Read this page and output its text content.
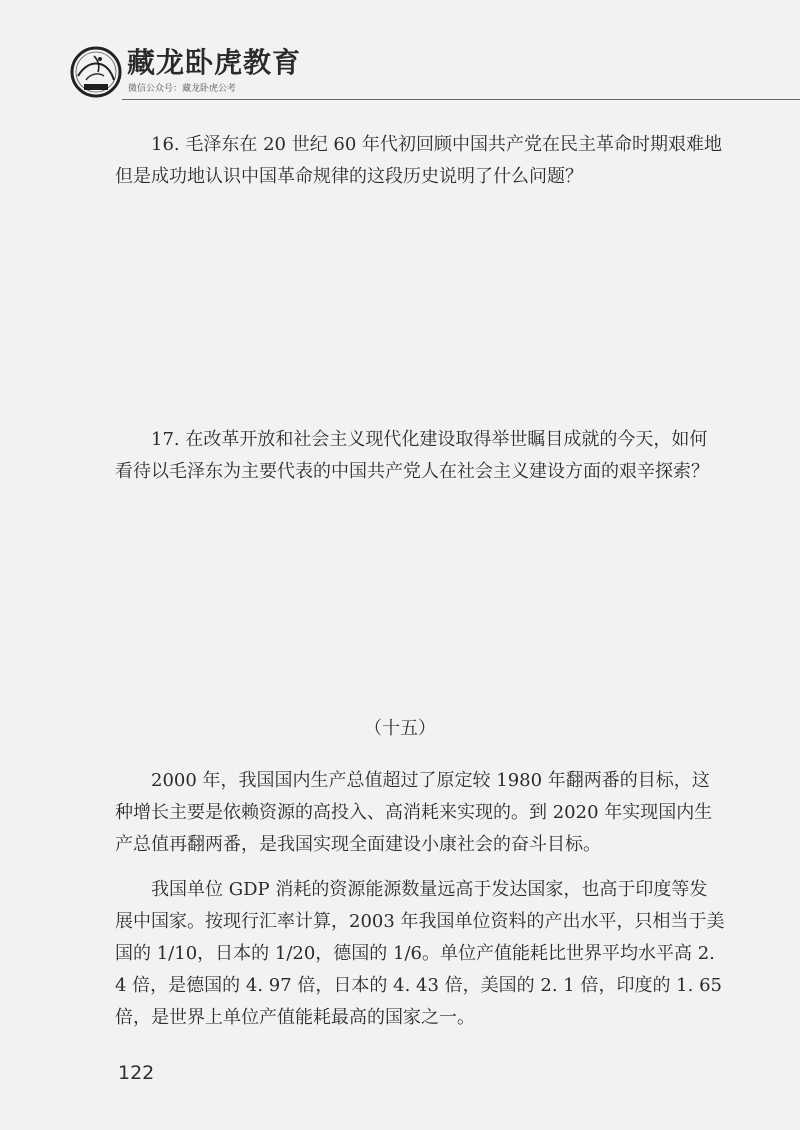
藏龙卧虎教育
微信公众号：藏龙卧虎公考

16. 毛泽东在 20 世纪 60 年代初回顾中国共产党在民主革命时期艰难地但是成功地认识中国革命规律的这段历史说明了什么问题？

17. 在改革开放和社会主义现代化建设取得举世瞩目成就的今天，如何看待以毛泽东为主要代表的中国共产党人在社会主义建设方面的艰辛探索？

（十五）

2000 年，我国国内生产总值超过了原定较 1980 年翻两番的目标，这种增长主要是依赖资源的高投入、高消耗来实现的。到 2020 年实现国内生产总值再翻两番，是我国实现全面建设小康社会的奋斗目标。

我国单位 GDP 消耗的资源能源数量远高于发达国家，也高于印度等发展中国家。按现行汇率计算，2003 年我国单位资料的产出水平，只相当于美国的 1/10，日本的 1/20，德国的 1/6。单位产值能耗比世界平均水平高 2. 4 倍，是德国的 4. 97 倍，日本的 4. 43 倍，美国的 2. 1 倍，印度的 1. 65 倍，是世界上单位产值能耗最高的国家之一。

122
